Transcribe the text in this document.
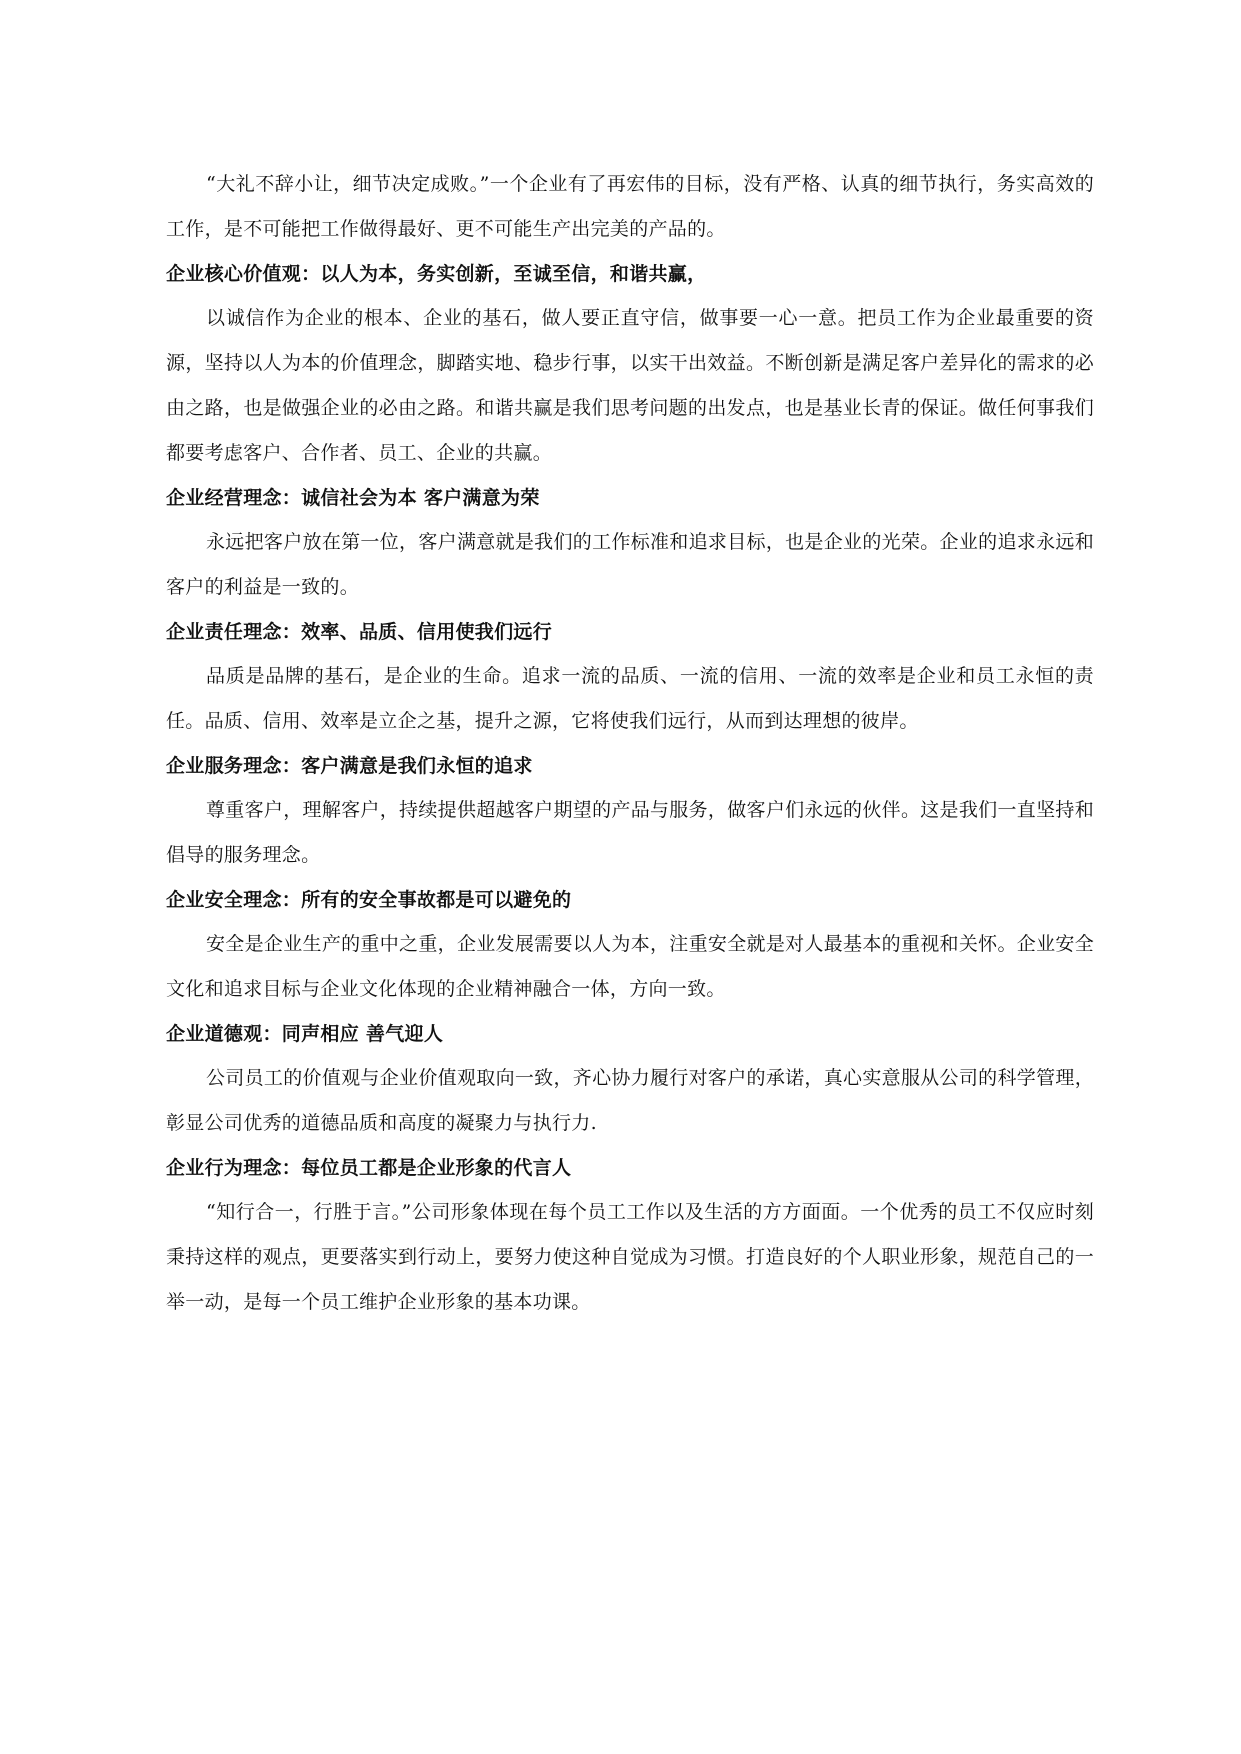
“大礼不辞小让，细节决定成败。”一个企业有了再宏伟的目标，没有严格、认真的细节执行，务实高效的工作，是不可能把工作做得最好、更不可能生产出完美的产品的。

企业核心价值观：以人为本，务实创新，至诚至信，和谐共赢，

以诚信作为企业的根本、企业的基石，做人要正直守信，做事要一心一意。把员工作为企业最重要的资源，坚持以人为本的价值理念，脚踏实地、稳步行事，以实干出效益。不断创新是满足客户差异化的需求的必由之路，也是做强企业的必由之路。和谐共赢是我们思考问题的出发点，也是基业长青的保证。做任何事我们都要考虑客户、合作者、员工、企业的共赢。

企业经营理念：诚信社会为本 客户满意为荣

永远把客户放在第一位，客户满意就是我们的工作标准和追求目标，也是企业的光荣。企业的追求永远和客户的利益是一致的。

企业责任理念：效率、品质、信用使我们远行

品质是品牌的基石，是企业的生命。追求一流的品质、一流的信用、一流的效率是企业和员工永恒的责任。品质、信用、效率是立企之基，提升之源，它将使我们远行，从而到达理想的彼岸。

企业服务理念：客户满意是我们永恒的追求

尊重客户，理解客户，持续提供超越客户期望的产品与服务，做客户们永远的伙伴。这是我们一直坚持和倡导的服务理念。

企业安全理念：所有的安全事故都是可以避免的

安全是企业生产的重中之重，企业发展需要以人为本，注重安全就是对人最基本的重视和关怀。企业安全文化和追求目标与企业文化体现的企业精神融合一体，方向一致。

企业道德观：同声相应 善气迎人

公司员工的价值观与企业价值观取向一致，齐心协力履行对客户的承诺，真心实意服从公司的科学管理，彰显公司优秀的道德品质和高度的凝聚力与执行力.

企业行为理念：每位员工都是企业形象的代言人

“知行合一，行胜于言。”公司形象体现在每个员工工作以及生活的方方面面。一个优秀的员工不仅应时刻秉持这样的观点，更要落实到行动上，要努力使这种自觉成为习惯。打造良好的个人职业形象，规范自己的一举一动，是每一个员工维护企业形象的基本功课。
